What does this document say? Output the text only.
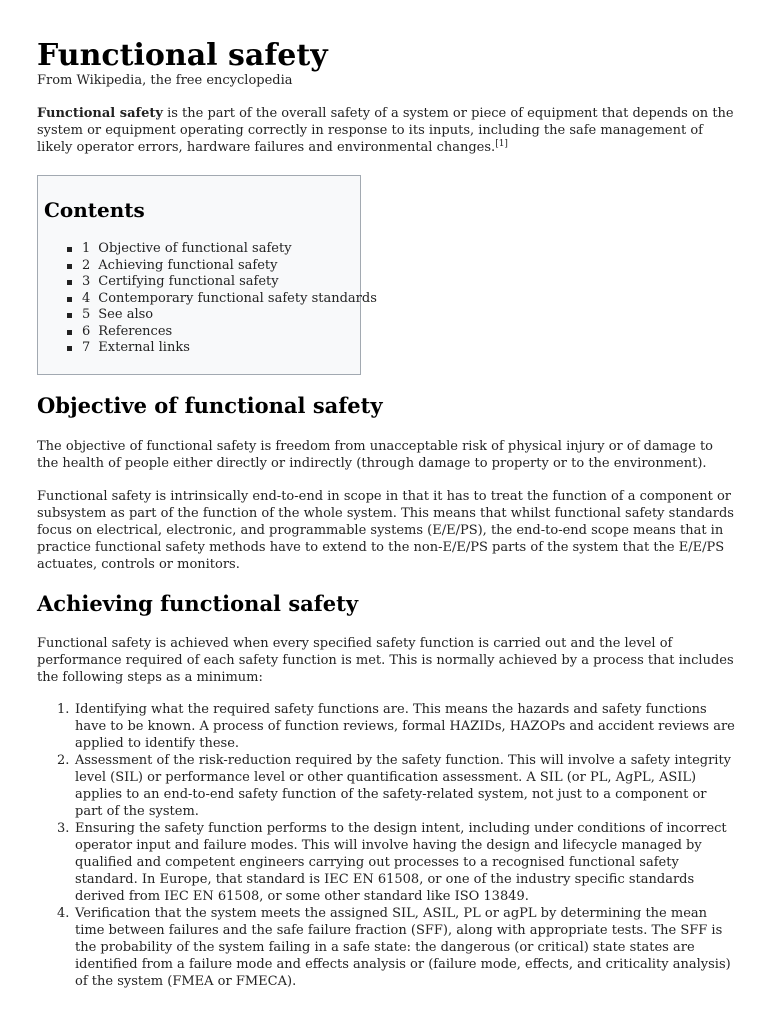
Functional safety
From Wikipedia, the free encyclopedia

Functional safety is the part of the overall safety of a system or piece of equipment that depends on the system or equipment operating correctly in response to its inputs, including the safe management of likely operator errors, hardware failures and environmental changes.[1]

Contents
1 Objective of functional safety
2 Achieving functional safety
3 Certifying functional safety
4 Contemporary functional safety standards
5 See also
6 References
7 External links
Objective of functional safety

The objective of functional safety is freedom from unacceptable risk of physical injury or of damage to the health of people either directly or indirectly (through damage to property or to the environment).

Functional safety is intrinsically end-to-end in scope in that it has to treat the function of a component or subsystem as part of the function of the whole system. This means that whilst functional safety standards focus on electrical, electronic, and programmable systems (E/E/PS), the end-to-end scope means that in practice functional safety methods have to extend to the non-E/E/PS parts of the system that the E/E/PS actuates, controls or monitors.

Achieving functional safety

Functional safety is achieved when every specified safety function is carried out and the level of performance required of each safety function is met. This is normally achieved by a process that includes the following steps as a minimum:

1. Identifying what the required safety functions are. This means the hazards and safety functions have to be known. A process of function reviews, formal HAZIDs, HAZOPs and accident reviews are applied to identify these.
2. Assessment of the risk-reduction required by the safety function. This will involve a safety integrity level (SIL) or performance level or other quantification assessment. A SIL (or PL, AgPL, ASIL) applies to an end-to-end safety function of the safety-related system, not just to a component or part of the system.
3. Ensuring the safety function performs to the design intent, including under conditions of incorrect operator input and failure modes. This will involve having the design and lifecycle managed by qualified and competent engineers carrying out processes to a recognised functional safety standard. In Europe, that standard is IEC EN 61508, or one of the industry specific standards derived from IEC EN 61508, or some other standard like ISO 13849.
4. Verification that the system meets the assigned SIL, ASIL, PL or agPL by determining the mean time between failures and the safe failure fraction (SFF), along with appropriate tests. The SFF is the probability of the system failing in a safe state: the dangerous (or critical) state states are identified from a failure mode and effects analysis or (failure mode, effects, and criticality analysis) of the system (FMEA or FMECA).
